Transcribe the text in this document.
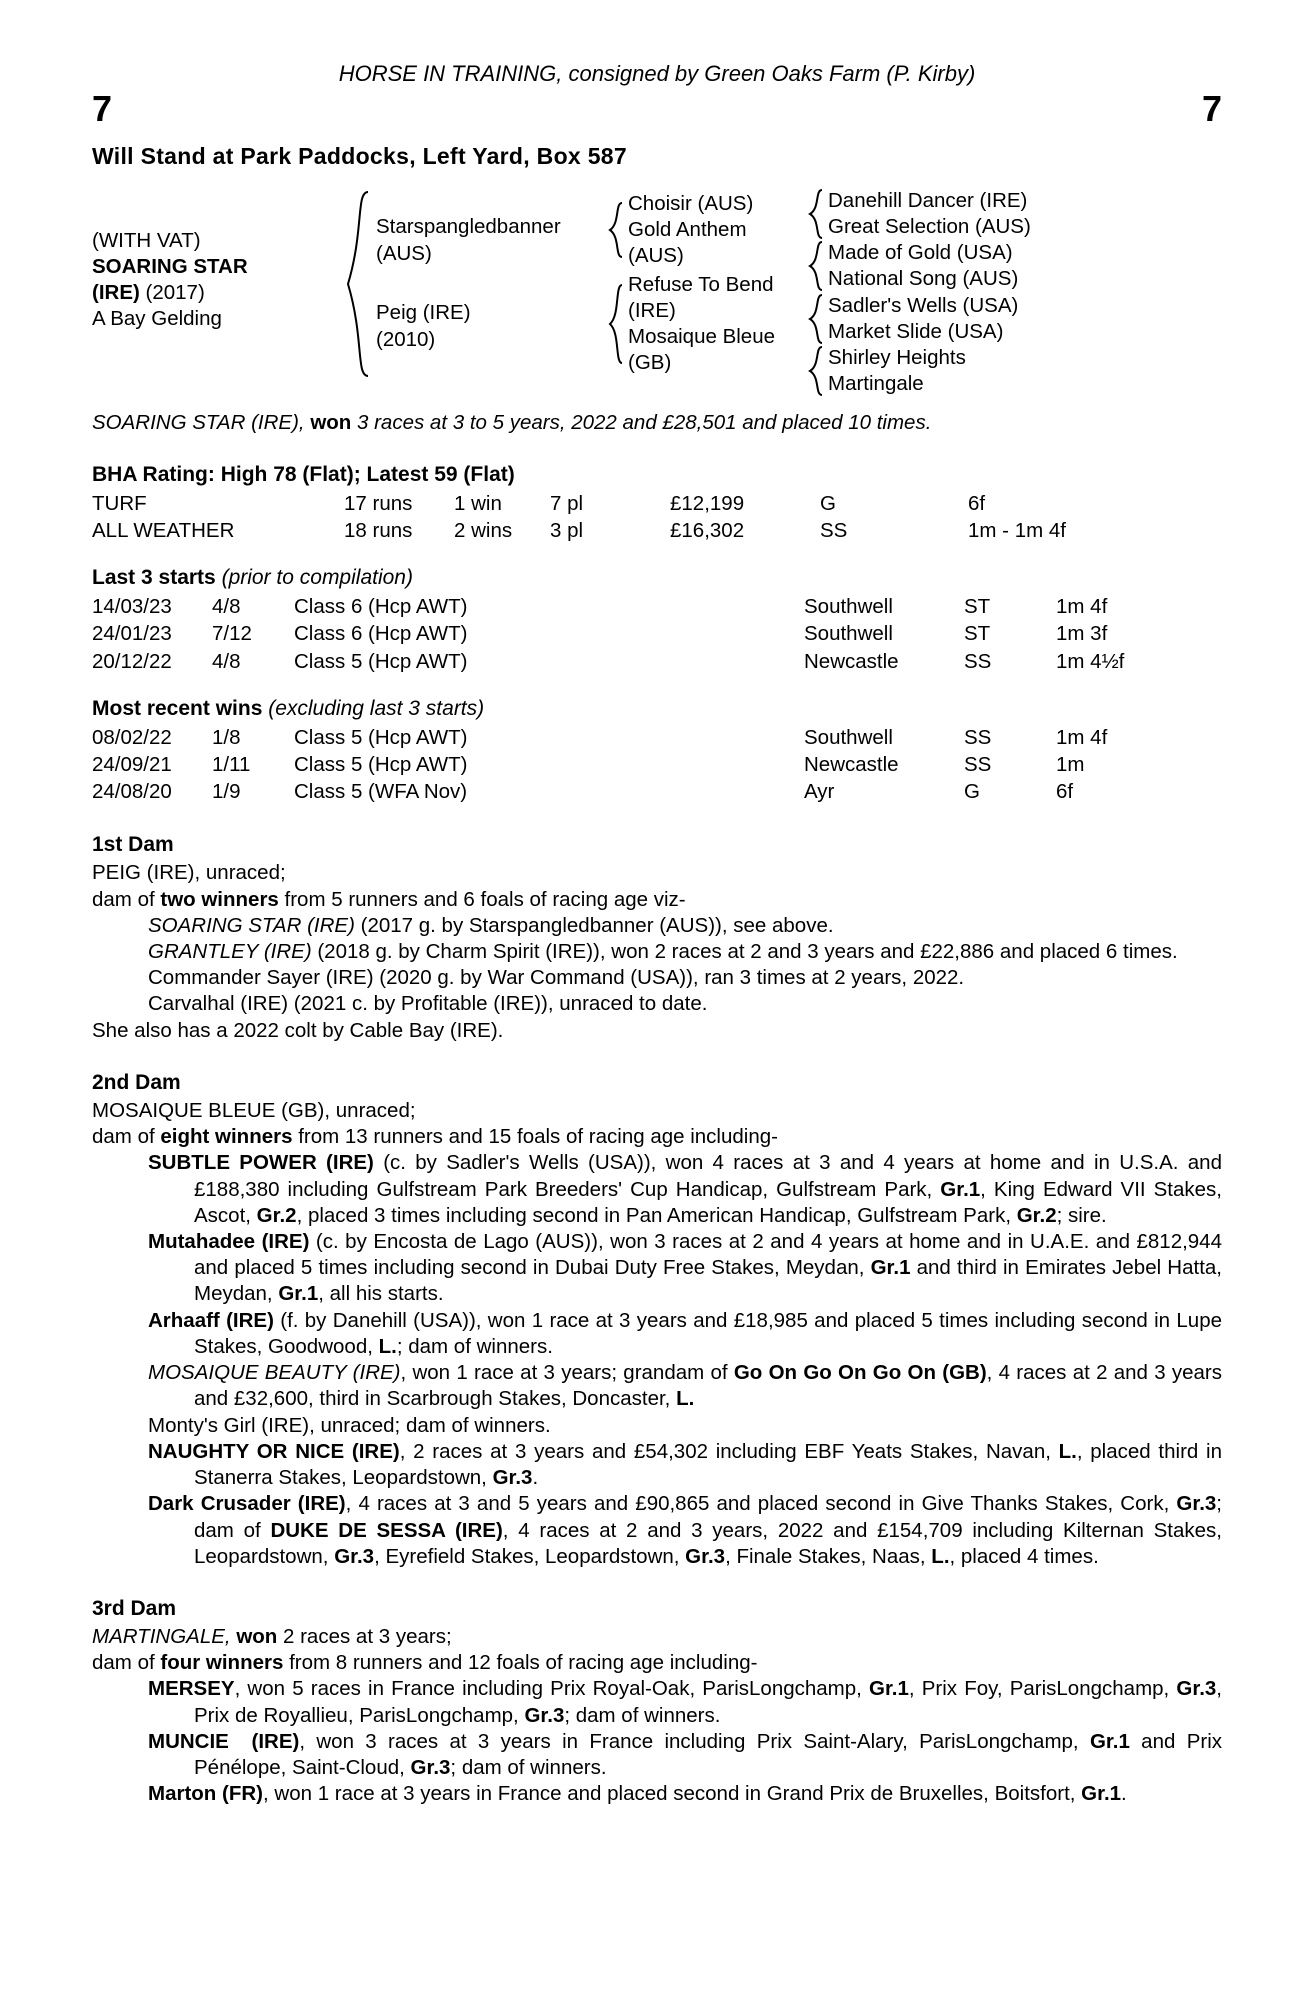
HORSE IN TRAINING, consigned by Green Oaks Farm (P. Kirby)
7	7
Will Stand at Park Paddocks, Left Yard, Box 587
(WITH VAT)
SOARING STAR
(IRE) (2017)
A Bay Gelding
Starspangledbanner
(AUS)
Peig (IRE)
(2010)
Choisir (AUS)
Gold Anthem
(AUS)
Refuse To Bend
(IRE)
Mosaique Bleue
(GB)
Danehill Dancer (IRE)
Great Selection (AUS)
Made of Gold (USA)
National Song (AUS)
Sadler's Wells (USA)
Market Slide (USA)
Shirley Heights
Martingale
SOARING STAR (IRE), won 3 races at 3 to 5 years, 2022 and £28,501 and placed 10 times.
BHA Rating: High 78 (Flat); Latest 59 (Flat)
TURF	17 runs	1 win	7 pl	£12,199	G	6f
ALL WEATHER	18 runs	2 wins	3 pl	£16,302	SS	1m - 1m 4f
Last 3 starts (prior to compilation)
14/03/23	4/8	Class 6 (Hcp AWT)	Southwell	ST	1m 4f
24/01/23	7/12	Class 6 (Hcp AWT)	Southwell	ST	1m 3f
20/12/22	4/8	Class 5 (Hcp AWT)	Newcastle	SS	1m 4½f
Most recent wins (excluding last 3 starts)
08/02/22	1/8	Class 5 (Hcp AWT)	Southwell	SS	1m 4f
24/09/21	1/11	Class 5 (Hcp AWT)	Newcastle	SS	1m
24/08/20	1/9	Class 5 (WFA Nov)	Ayr	G	6f
1st Dam
PEIG (IRE), unraced;
dam of two winners from 5 runners and 6 foals of racing age viz-
SOARING STAR (IRE) (2017 g. by Starspangledbanner (AUS)), see above.
GRANTLEY (IRE) (2018 g. by Charm Spirit (IRE)), won 2 races at 2 and 3 years and £22,886 and placed 6 times.
Commander Sayer (IRE) (2020 g. by War Command (USA)), ran 3 times at 2 years, 2022.
Carvalhal (IRE) (2021 c. by Profitable (IRE)), unraced to date.
She also has a 2022 colt by Cable Bay (IRE).
2nd Dam
MOSAIQUE BLEUE (GB), unraced;
dam of eight winners from 13 runners and 15 foals of racing age including-
SUBTLE POWER (IRE) (c. by Sadler's Wells (USA)), won 4 races at 3 and 4 years at home and in U.S.A. and £188,380 including Gulfstream Park Breeders' Cup Handicap, Gulfstream Park, Gr.1, King Edward VII Stakes, Ascot, Gr.2, placed 3 times including second in Pan American Handicap, Gulfstream Park, Gr.2; sire.
Mutahadee (IRE) (c. by Encosta de Lago (AUS)), won 3 races at 2 and 4 years at home and in U.A.E. and £812,944 and placed 5 times including second in Dubai Duty Free Stakes, Meydan, Gr.1 and third in Emirates Jebel Hatta, Meydan, Gr.1, all his starts.
Arhaaff (IRE) (f. by Danehill (USA)), won 1 race at 3 years and £18,985 and placed 5 times including second in Lupe Stakes, Goodwood, L.; dam of winners.
MOSAIQUE BEAUTY (IRE), won 1 race at 3 years; grandam of Go On Go On Go On (GB), 4 races at 2 and 3 years and £32,600, third in Scarbrough Stakes, Doncaster, L.
Monty's Girl (IRE), unraced; dam of winners.
NAUGHTY OR NICE (IRE), 2 races at 3 years and £54,302 including EBF Yeats Stakes, Navan, L., placed third in Stanerra Stakes, Leopardstown, Gr.3.
Dark Crusader (IRE), 4 races at 3 and 5 years and £90,865 and placed second in Give Thanks Stakes, Cork, Gr.3; dam of DUKE DE SESSA (IRE), 4 races at 2 and 3 years, 2022 and £154,709 including Kilternan Stakes, Leopardstown, Gr.3, Eyrefield Stakes, Leopardstown, Gr.3, Finale Stakes, Naas, L., placed 4 times.
3rd Dam
MARTINGALE, won 2 races at 3 years;
dam of four winners from 8 runners and 12 foals of racing age including-
MERSEY, won 5 races in France including Prix Royal-Oak, ParisLongchamp, Gr.1, Prix Foy, ParisLongchamp, Gr.3, Prix de Royallieu, ParisLongchamp, Gr.3; dam of winners.
MUNCIE  (IRE), won 3 races at 3 years in France including Prix Saint-Alary, ParisLongchamp, Gr.1 and Prix Pénélope, Saint-Cloud, Gr.3; dam of winners.
Marton (FR), won 1 race at 3 years in France and placed second in Grand Prix de Bruxelles, Boitsfort, Gr.1.
